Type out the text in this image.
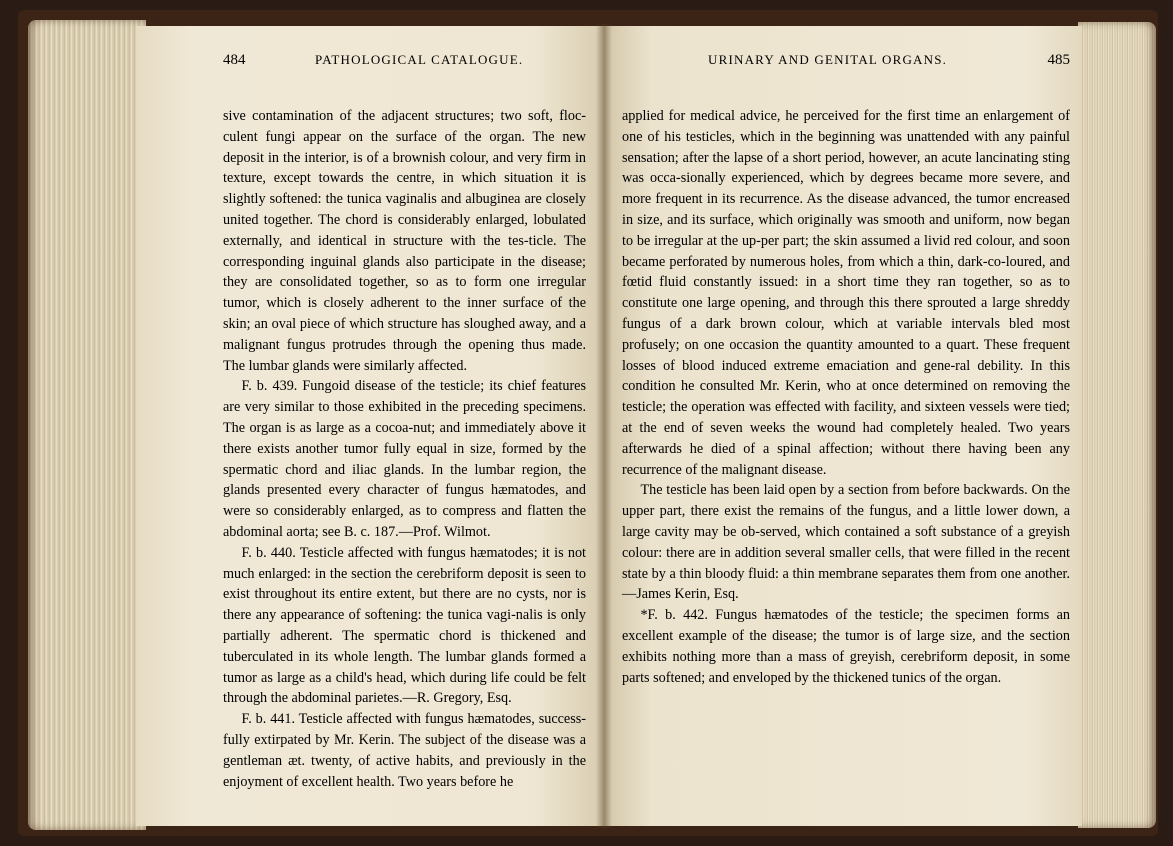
484	PATHOLOGICAL CATALOGUE.	URINARY AND GENITAL ORGANS.	485

sive contamination of the adjacent structures; two soft, floc-culent fungi appear on the surface of the organ. The new deposit in the interior, is of a brownish colour, and very firm in texture, except towards the centre, in which situation it is slightly softened: the tunica vaginalis and albuginea are closely united together. The chord is considerably enlarged, lobulated externally, and identical in structure with the tes-ticle. The corresponding inguinal glands also participate in the disease; they are consolidated together, so as to form one irregular tumor, which is closely adherent to the inner surface of the skin; an oval piece of which structure has sloughed away, and a malignant fungus protrudes through the opening thus made. The lumbar glands were similarly affected.

F. b. 439. Fungoid disease of the testicle; its chief features are very similar to those exhibited in the preceding specimens. The organ is as large as a cocoa-nut; and immediately above it there exists another tumor fully equal in size, formed by the spermatic chord and iliac glands. In the lumbar region, the glands presented every character of fungus hæmatodes, and were so considerably enlarged, as to compress and flatten the abdominal aorta; see B. c. 187.—Prof. Wilmot.

F. b. 440. Testicle affected with fungus hæmatodes; it is not much enlarged: in the section the cerebriform deposit is seen to exist throughout its entire extent, but there are no cysts, nor is there any appearance of softening: the tunica vagi-nalis is only partially adherent. The spermatic chord is thickened and tuberculated in its whole length. The lumbar glands formed a tumor as large as a child's head, which during life could be felt through the abdominal parietes.—R. Gregory, Esq.

F. b. 441. Testicle affected with fungus hæmatodes, success-fully extirpated by Mr. Kerin. The subject of the disease was a gentleman æt. twenty, of active habits, and previously in the enjoyment of excellent health. Two years before he

applied for medical advice, he perceived for the first time an enlargement of one of his testicles, which in the beginning was unattended with any painful sensation; after the lapse of a short period, however, an acute lancinating sting was occa-sionally experienced, which by degrees became more severe, and more frequent in its recurrence. As the disease advanced, the tumor encreased in size, and its surface, which originally was smooth and uniform, now began to be irregular at the up-per part; the skin assumed a livid red colour, and soon became perforated by numerous holes, from which a thin, dark-co-loured, and fœtid fluid constantly issued: in a short time they ran together, so as to constitute one large opening, and through this there sprouted a large shreddy fungus of a dark brown colour, which at variable intervals bled most profusely; on one occasion the quantity amounted to a quart. These frequent losses of blood induced extreme emaciation and gene-ral debility. In this condition he consulted Mr. Kerin, who at once determined on removing the testicle; the operation was effected with facility, and sixteen vessels were tied; at the end of seven weeks the wound had completely healed. Two years afterwards he died of a spinal affection; without there having been any recurrence of the malignant disease.

The testicle has been laid open by a section from before backwards. On the upper part, there exist the remains of the fungus, and a little lower down, a large cavity may be ob-served, which contained a soft substance of a greyish colour: there are in addition several smaller cells, that were filled in the recent state by a thin bloody fluid: a thin membrane separates them from one another.—James Kerin, Esq.

*F. b. 442. Fungus hæmatodes of the testicle; the specimen forms an excellent example of the disease; the tumor is of large size, and the section exhibits nothing more than a mass of greyish, cerebriform deposit, in some parts softened; and enveloped by the thickened tunics of the organ.
